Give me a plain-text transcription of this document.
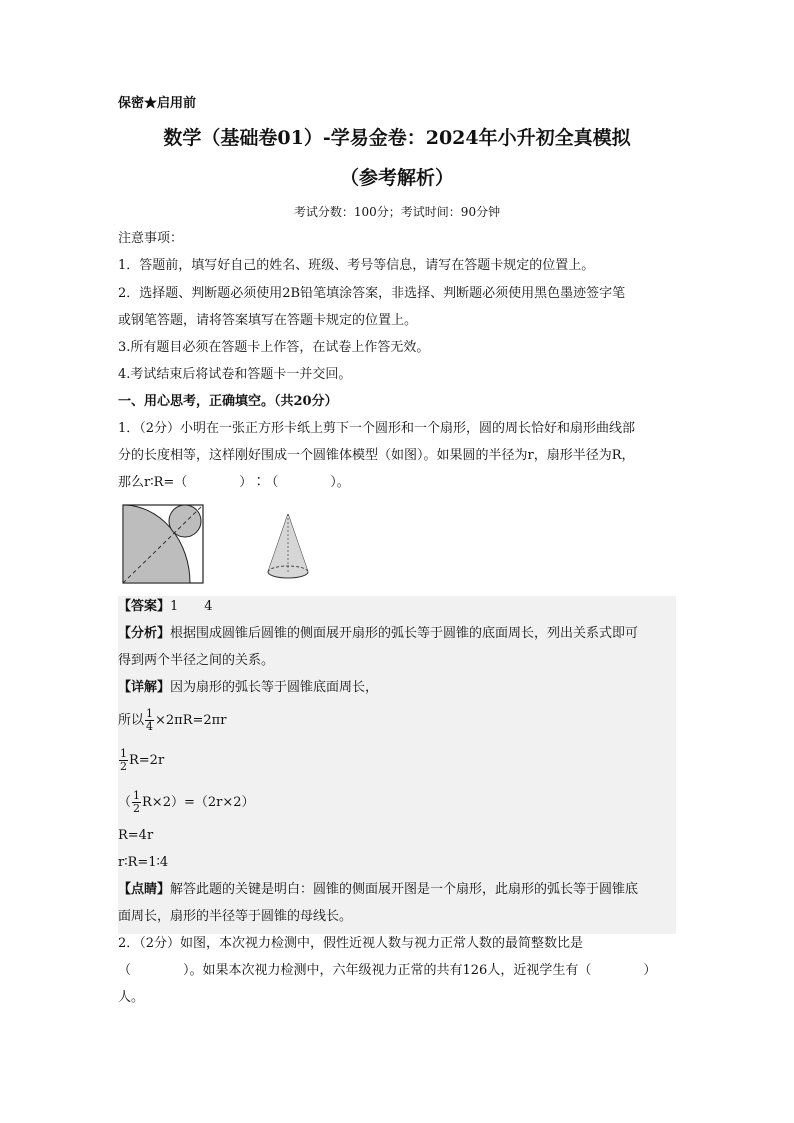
保密★启用前
数学（基础卷01）-学易金卷：2024年小升初全真模拟
（参考解析）
考试分数：100分；考试时间：90分钟
注意事项：
1．答题前，填写好自己的姓名、班级、考号等信息，请写在答题卡规定的位置上。
2．选择题、判断题必须使用2B铅笔填涂答案，非选择、判断题必须使用黑色墨迹签字笔
或钢笔答题，请将答案填写在答题卡规定的位置上。
3.所有题目必须在答题卡上作答，在试卷上作答无效。
4.考试结束后将试卷和答题卡一并交回。
一、用心思考，正确填空。（共20分）
1．（2分）小明在一张正方形卡纸上剪下一个圆形和一个扇形，圆的周长恰好和扇形曲线部
分的长度相等，这样刚好围成一个圆锥体模型（如图）。如果圆的半径为r，扇形半径为R，
那么r∶R=（　　　　）∶（　　　　）。
【答案】1　　4
【分析】根据围成圆锥后圆锥的侧面展开扇形的弧长等于圆锥的底面周长，列出关系式即可
得到两个半径之间的关系。
【详解】因为扇形的弧长等于圆锥底面周长，
所以 $\frac{1}{4} \times 2\pi R=2\pi r$
$\frac{1}{2} R=2r$
（ $\frac{1}{2} R\times 2)=(2r\times 2)$
R=4r
r∶R=1∶4
【点睛】解答此题的关键是明白：圆锥的侧面展开图是一个扇形，此扇形的弧长等于圆锥底
面周长，扇形的半径等于圆锥的母线长。
2．（2分）如图，本次视力检测中，假性近视人数与视力正常人数的最简整数比是
（　　　　）。如果本次视力检测中，六年级视力正常的共有126人，近视学生有（　　　　）
人。
